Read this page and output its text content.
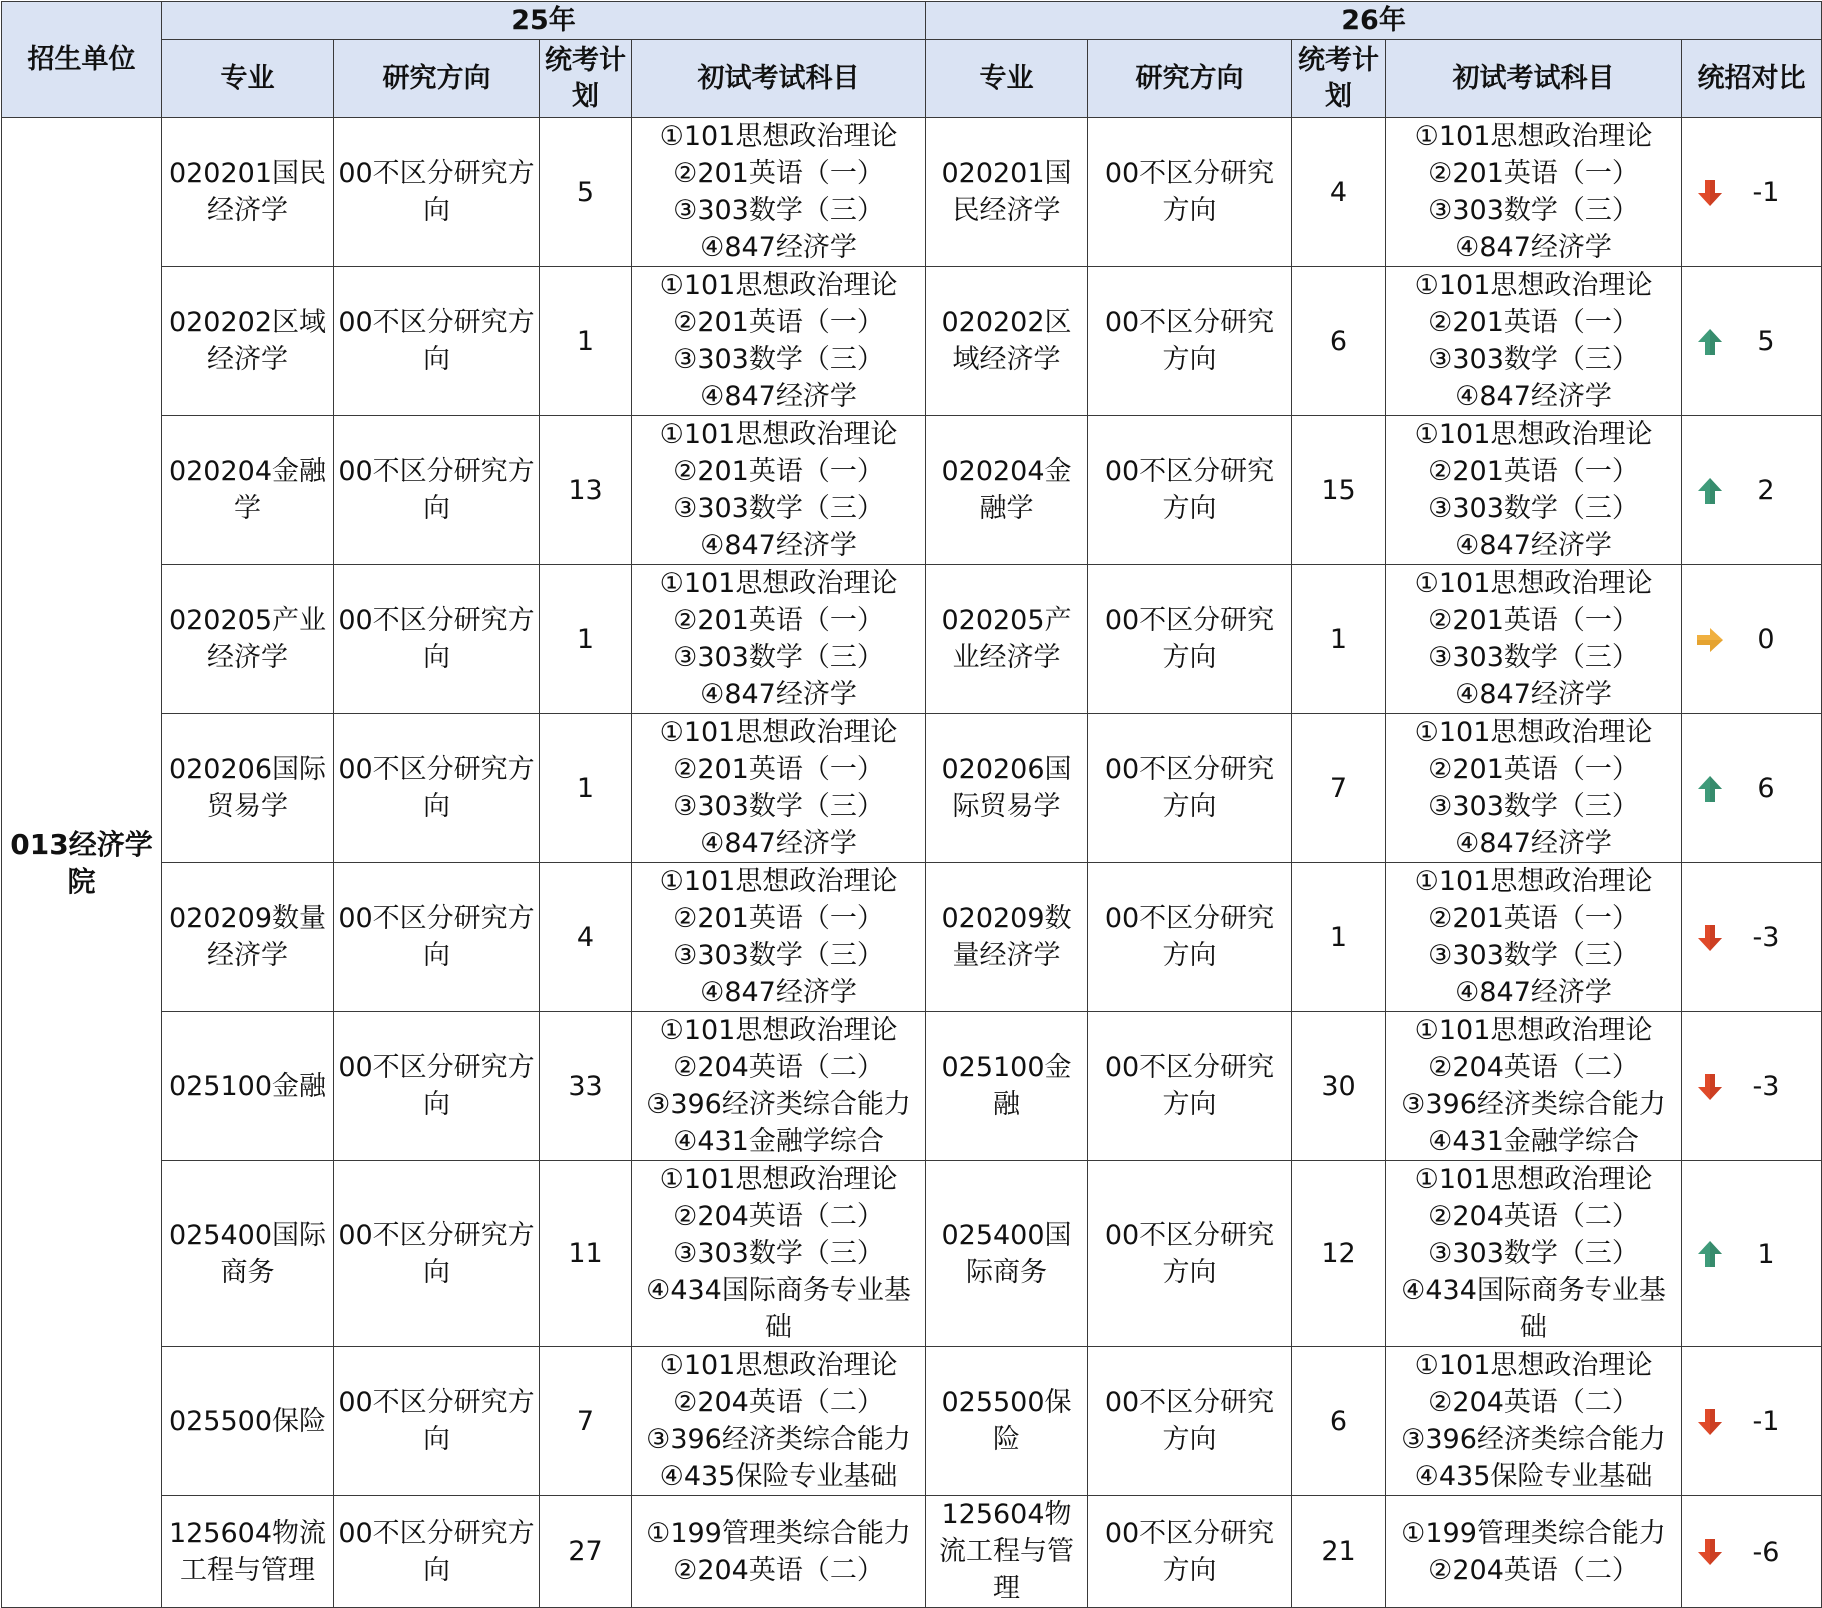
招生单位	25年				26年				
	专业	研究方向	统考计划	初试考试科目	专业	研究方向	统考计划	初试考试科目	统招对比
013经济学院	020201国民经济学	00不区分研究方向	5	①101思想政治理论
②201英语（一）
③303数学（三）
④847经济学	020201国民经济学	00不区分研究方向	4	①101思想政治理论
②201英语（一）
③303数学（三）
④847经济学	-1
	020202区域经济学	00不区分研究方向	1	①101思想政治理论
②201英语（一）
③303数学（三）
④847经济学	020202区域经济学	00不区分研究方向	6	①101思想政治理论
②201英语（一）
③303数学（三）
④847经济学	5
	020204金融学	00不区分研究方向	13	①101思想政治理论
②201英语（一）
③303数学（三）
④847经济学	020204金融学	00不区分研究方向	15	①101思想政治理论
②201英语（一）
③303数学（三）
④847经济学	2
	020205产业经济学	00不区分研究方向	1	①101思想政治理论
②201英语（一）
③303数学（三）
④847经济学	020205产业经济学	00不区分研究方向	1	①101思想政治理论
②201英语（一）
③303数学（三）
④847经济学	0
	020206国际贸易学	00不区分研究方向	1	①101思想政治理论
②201英语（一）
③303数学（三）
④847经济学	020206国际贸易学	00不区分研究方向	7	①101思想政治理论
②201英语（一）
③303数学（三）
④847经济学	6
	020209数量经济学	00不区分研究方向	4	①101思想政治理论
②201英语（一）
③303数学（三）
④847经济学	020209数量经济学	00不区分研究方向	1	①101思想政治理论
②201英语（一）
③303数学（三）
④847经济学	-3
	025100金融	00不区分研究方向	33	①101思想政治理论
②204英语（二）
③396经济类综合能力
④431金融学综合	025100金融	00不区分研究方向	30	①101思想政治理论
②204英语（二）
③396经济类综合能力
④431金融学综合	-3
	025400国际商务	00不区分研究方向	11	①101思想政治理论
②204英语（二）
③303数学（三）
④434国际商务专业基
础	025400国际商务	00不区分研究方向	12	①101思想政治理论
②204英语（二）
③303数学（三）
④434国际商务专业基
础	1
	025500保险	00不区分研究方向	7	①101思想政治理论
②204英语（二）
③396经济类综合能力
④435保险专业基础	025500保险	00不区分研究方向	6	①101思想政治理论
②204英语（二）
③396经济类综合能力
④435保险专业基础	-1
	125604物流工程与管理	00不区分研究方向	27	①199管理类综合能力
②204英语（二）	125604物流工程与管理	00不区分研究方向	21	①199管理类综合能力
②204英语（二）	-6
